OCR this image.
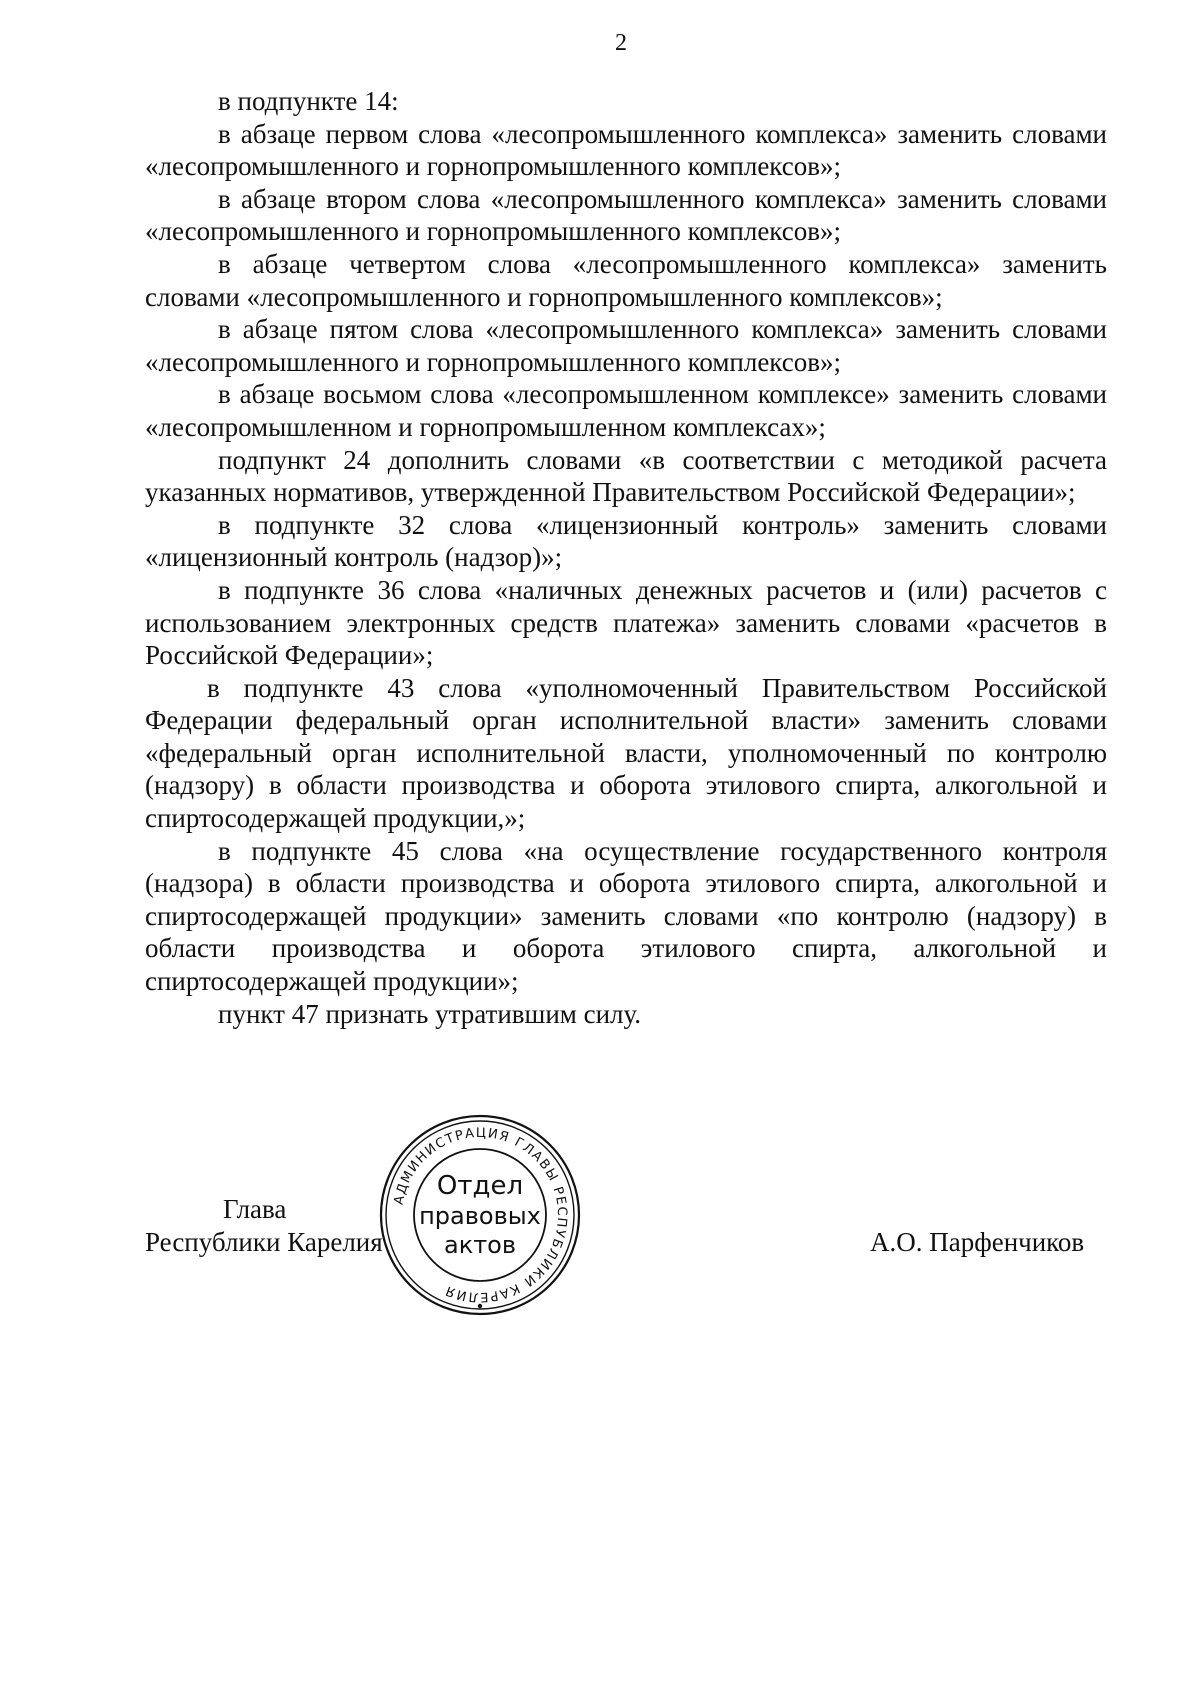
2

в подпункте 14:

в абзаце первом слова «лесопромышленного комплекса» заменить словами «лесопромышленного и горнопромышленного комплексов»;

в абзаце втором слова «лесопромышленного комплекса» заменить словами «лесопромышленного и горнопромышленного комплексов»;

в абзаце четвертом слова «лесопромышленного комплекса» заменить словами «лесопромышленного и горнопромышленного комплексов»;

в абзаце пятом слова «лесопромышленного комплекса» заменить словами «лесопромышленного и горнопромышленного комплексов»;

в абзаце восьмом слова «лесопромышленном комплексе» заменить словами «лесопромышленном и горнопромышленном комплексах»;

подпункт 24 дополнить словами «в соответствии с методикой расчета указанных нормативов, утвержденной Правительством Российской Федерации»;

в подпункте 32 слова «лицензионный контроль» заменить словами «лицензионный контроль (надзор)»;

в подпункте 36 слова «наличных денежных расчетов и (или) расчетов с использованием электронных средств платежа» заменить словами «расчетов в Российской Федерации»;

в подпункте 43 слова «уполномоченный Правительством Российской Федерации федеральный орган исполнительной власти» заменить словами «федеральный орган исполнительной власти, уполномоченный по контролю (надзору) в области производства и оборота этилового спирта, алкогольной и спиртосодержащей продукции,»;

в подпункте 45 слова «на осуществление государственного контроля (надзора) в области производства и оборота этилового спирта, алкогольной и спиртосодержащей продукции» заменить словами «по контролю (надзору) в области производства и оборота этилового спирта, алкогольной и спиртосодержащей продукции»;

пункт 47 признать утратившим силу.

Глава
Республики Карелия	А.О. Парфенчиков
АДМИНИСТРАЦИЯ ГЛАВЫ РЕСПУБЛИКИ КАРЕЛИЯ
Отдел
правовых
актов
